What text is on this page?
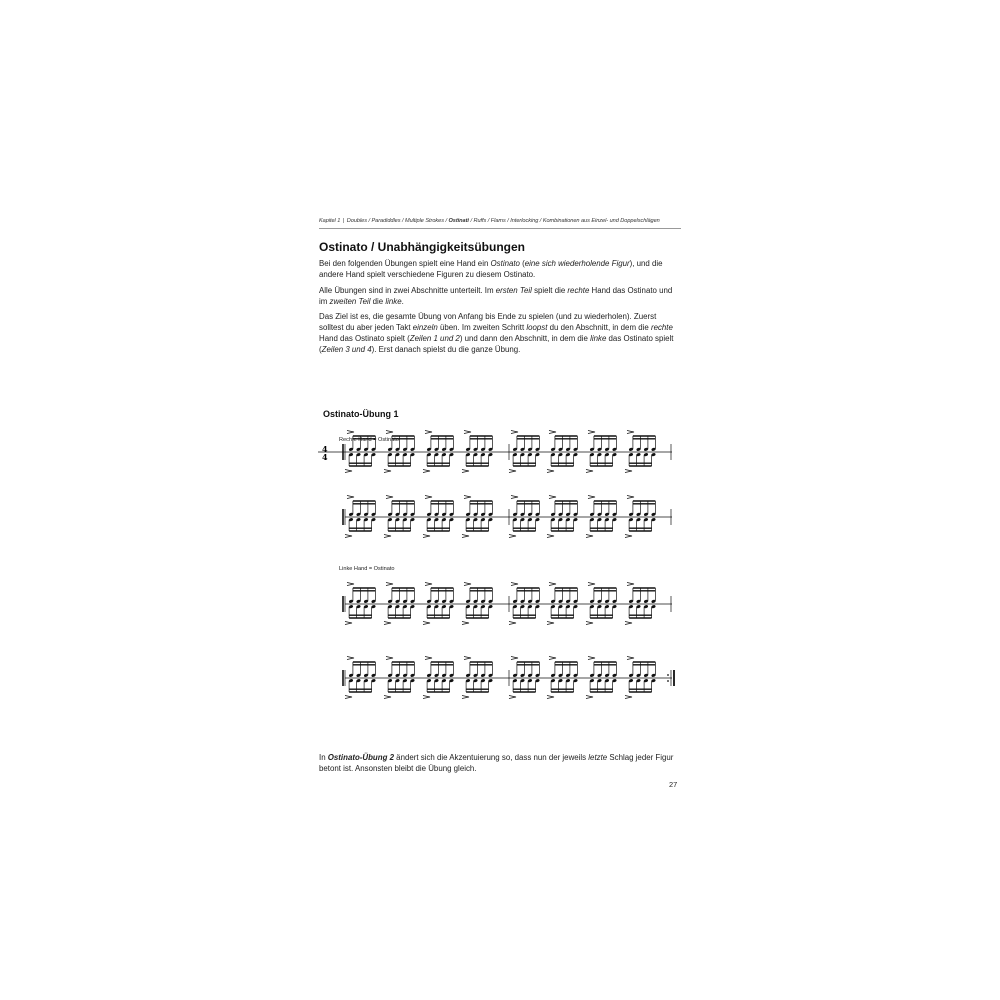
Kapitel 1 | Doubles / Paradiddles / Multiple Strokes / Ostinati / Ruffs / Flams / Interlocking / Kombinationen aus Einzel- und Doppelschlägen
Ostinato / Unabhängigkeitsübungen

Bei den folgenden Übungen spielt eine Hand ein Ostinato (eine sich wiederholende Figur), und die andere Hand spielt verschiedene Figuren zu diesem Ostinato.

Alle Übungen sind in zwei Abschnitte unterteilt. Im ersten Teil spielt die rechte Hand das Ostinato und im zweiten Teil die linke.

Das Ziel ist es, die gesamte Übung von Anfang bis Ende zu spielen (und zu wiederholen). Zuerst solltest du aber jeden Takt einzeln üben. Im zweiten Schritt loopst du den Abschnitt, in dem die rechte Hand das Ostinato spielt (Zeilen 1 und 2) und dann den Abschnitt, in dem die linke das Ostinato spielt (Zeilen 3 und 4). Erst danach spielst du die ganze Übung.

Ostinato-Übung 1
Rechte Hand = Ostinato
Linke Hand = Ostinato
4
4

In Ostinato-Übung 2 ändert sich die Akzentuierung so, dass nun der jeweils letzte Schlag jeder Figur betont ist. Ansonsten bleibt die Übung gleich.

27
